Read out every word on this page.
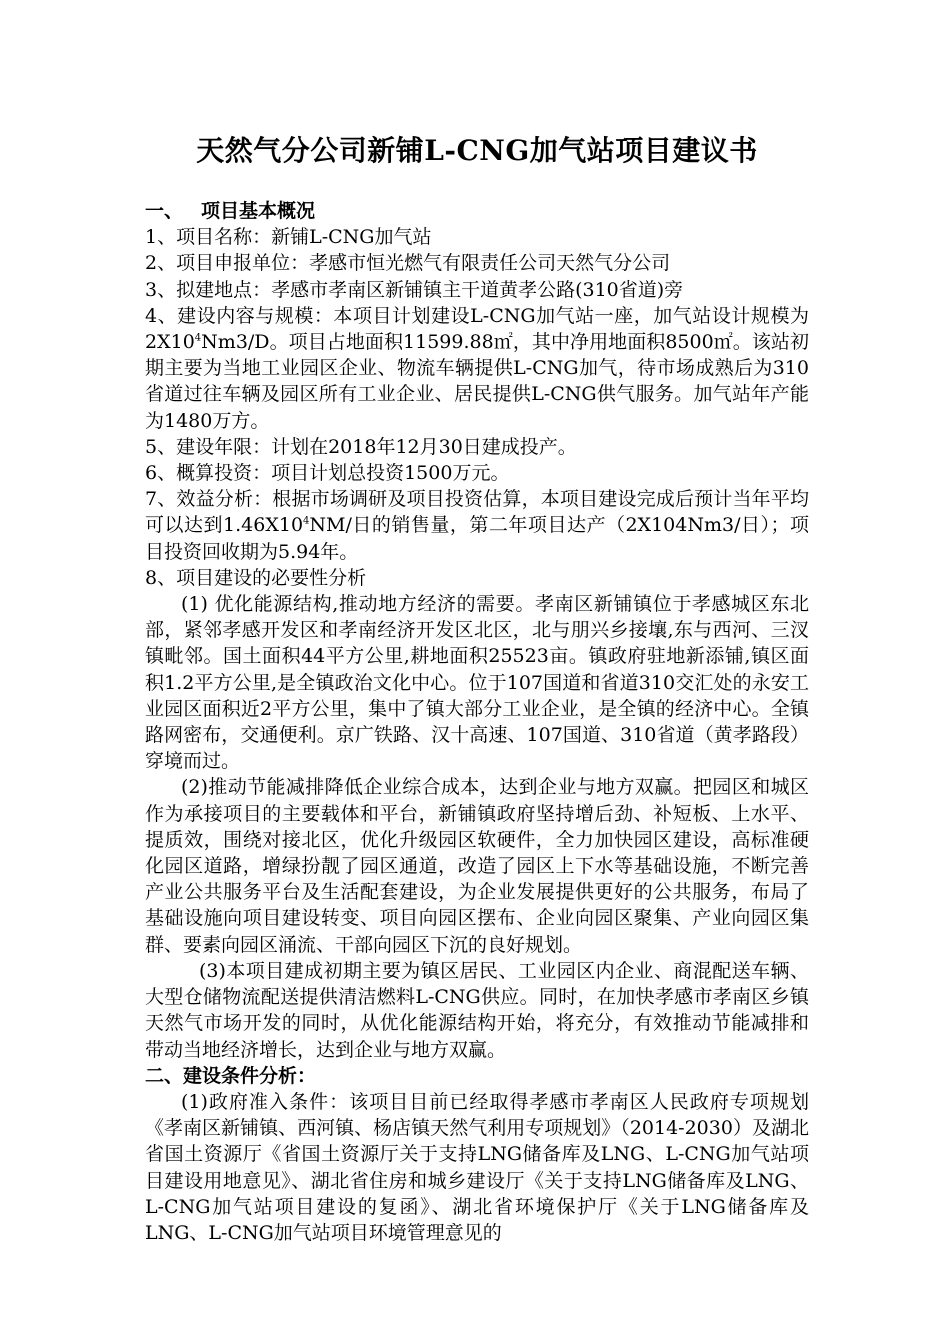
天然气分公司新铺L-CNG加气站项目建议书
一、 项目基本概况

1、项目名称：新铺L-CNG加气站

2、项目申报单位：孝感市恒光燃气有限责任公司天然气分公司

3、拟建地点：孝感市孝南区新铺镇主干道黄孝公路(310省道)旁

4、建设内容与规模：本项目计划建设L-CNG加气站一座，加气站设计规模为$2X10^4Nm3/D$。项目占地面积11599.88㎡，其中净用地面积8500㎡。该站初期主要为当地工业园区企业、物流车辆提供L-CNG加气，待市场成熟后为310省道过往车辆及园区所有工业企业、居民提供L-CNG供气服务。加气站年产能为1480万方。

5、建设年限：计划在2018年12月30日建成投产。

6、概算投资：项目计划总投资1500万元。

7、效益分析：根据市场调研及项目投资估算，本项目建设完成后预计当年平均可以达到$1.46X10^4NM/$日的销售量，第二年项目达产（2X104Nm3/日）；项目投资回收期为5.94年。

8、项目建设的必要性分析

(1) 优化能源结构,推动地方经济的需要。孝南区新铺镇位于孝感城区东北部，紧邻孝感开发区和孝南经济开发区北区，北与朋兴乡接壤,东与西河、三汊镇毗邻。国土面积44平方公里,耕地面积25523亩。镇政府驻地新添铺,镇区面积1.2平方公里,是全镇政治文化中心。位于107国道和省道310交汇处的永安工业园区面积近2平方公里，集中了镇大部分工业企业，是全镇的经济中心。全镇路网密布，交通便利。京广铁路、汉十高速、107国道、310省道（黄孝路段）穿境而过。

(2)推动节能减排降低企业综合成本，达到企业与地方双赢。把园区和城区作为承接项目的主要载体和平台，新铺镇政府坚持增后劲、补短板、上水平、提质效，围绕对接北区，优化升级园区软硬件，全力加快园区建设，高标准硬化园区道路，增绿扮靓了园区通道，改造了园区上下水等基础设施，不断完善产业公共服务平台及生活配套建设，为企业发展提供更好的公共服务，布局了基础设施向项目建设转变、项目向园区摆布、企业向园区聚集、产业向园区集群、要素向园区涌流、干部向园区下沉的良好规划。

(3)本项目建成初期主要为镇区居民、工业园区内企业、商混配送车辆、大型仓储物流配送提供清洁燃料L-CNG供应。同时，在加快孝感市孝南区乡镇天然气市场开发的同时，从优化能源结构开始，将充分，有效推动节能减排和带动当地经济增长，达到企业与地方双赢。

二、建设条件分析：

(1)政府准入条件：该项目目前已经取得孝感市孝南区人民政府专项规划《孝南区新铺镇、西河镇、杨店镇天然气利用专项规划》（2014-2030）及湖北省国土资源厅《省国土资源厅关于支持LNG储备库及LNG、L-CNG加气站项目建设用地意见》、湖北省住房和城乡建设厅《关于支持LNG储备库及LNG、L-CNG加气站项目建设的复函》、湖北省环境保护厅《关于LNG储备库及LNG、L-CNG加气站项目环境管理意见的
